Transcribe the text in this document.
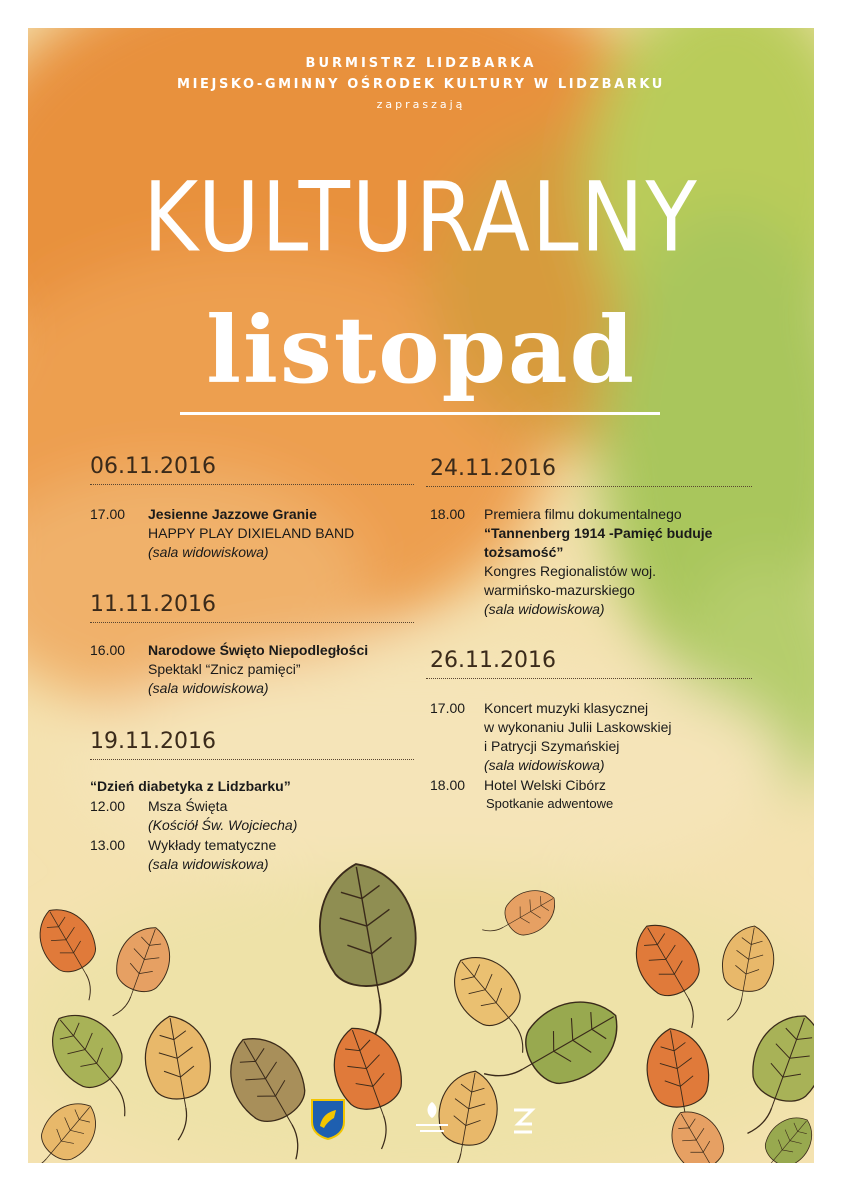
BURMISTRZ LIDZBARKA
MIEJSKO-GMINNY OŚRODEK KULTURY W LIDZBARKU
zapraszają
KULTURALNY
listopad
06.11.2016
17.00 Jesienne Jazzowe Granie
HAPPY PLAY DIXIELAND BAND
(sala widowiskowa)
11.11.2016
16.00 Narodowe Święto Niepodległości
Spektakl “Znicz pamięci”
(sala widowiskowa)
19.11.2016
“Dzień diabetyka z Lidzbarku”
12.00 Msza Święta
(Kościół Św. Wojciecha)
13.00 Wykłady tematyczne
(sala widowiskowa)
24.11.2016
18.00 Premiera filmu dokumentalnego
“Tannenberg 1914 -Pamięć buduje
tożsamość”
Kongres Regionalistów woj.
warmińsko-mazurskiego
(sala widowiskowa)
26.11.2016
17.00 Koncert muzyki klasycznej
w wykonaniu Julii Laskowskiej
i Patrycji Szymańskiej
(sala widowiskowa)
18.00 Hotel Welski Cibórz
Spotkanie adwentowe
